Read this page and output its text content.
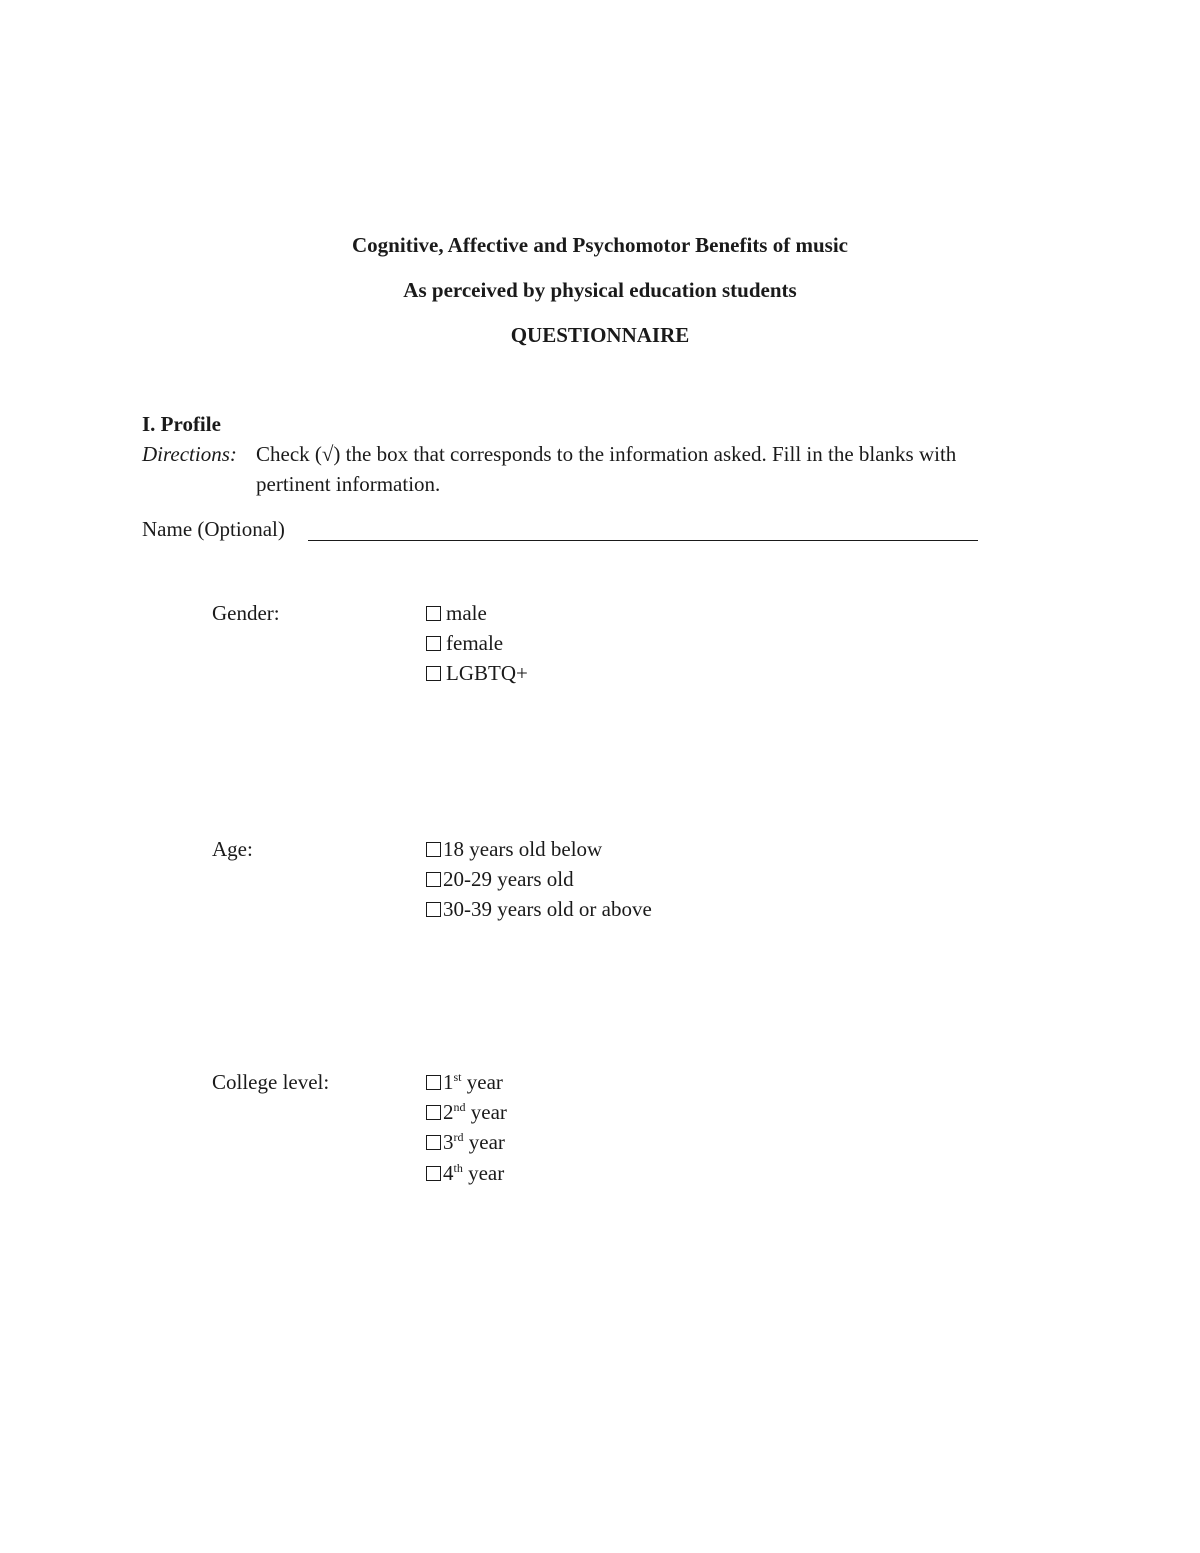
Cognitive, Affective and Psychomotor Benefits of music
As perceived by physical education students
QUESTIONNAIRE
I. Profile
Directions: Check (√) the box that corresponds to the information asked. Fill in the blanks with
pertinent information.
Name (Optional)
Gender:	male
female
LGBTQ+
Age:	18 years old below
20-29 years old
30-39 years old or above
College level:	1st year
2nd year
3rd year
4th year
